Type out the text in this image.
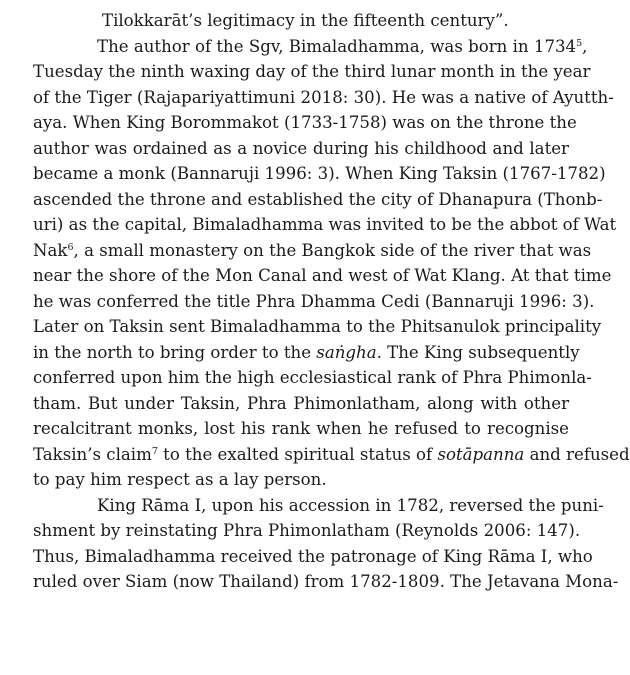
Tilokkarāt’s legitimacy in the fifteenth century”.
The author of the Sgv, Bimaladhamma, was born in 1734$^5$,
Tuesday the ninth waxing day of the third lunar month in the year
of the Tiger (Rajapariyattimuni 2018: 30). He was a native of Ayutth-
aya. When King Borommakot (1733-1758) was on the throne the
author was ordained as a novice during his childhood and later
became a monk (Bannaruji 1996: 3). When King Taksin (1767-1782)
ascended the throne and established the city of Dhanapura (Thonb-
uri) as the capital, Bimaladhamma was invited to be the abbot of Wat
Nak$^6$, a small monastery on the Bangkok side of the river that was
near the shore of the Mon Canal and west of Wat Klang. At that time
he was conferred the title Phra Dhamma Cedi (Bannaruji 1996: 3).
Later on Taksin sent Bimaladhamma to the Phitsanulok principality
in the north to bring order to the saṅgha. The King subsequently
conferred upon him the high ecclesiastical rank of Phra Phimonla-
tham. But under Taksin, Phra Phimonlatham, along with other
recalcitrant monks, lost his rank when he refused to recognise
Taksin’s claim$^7$ to the exalted spiritual status of sotāpanna and refused
to pay him respect as a lay person.
King Rāma I, upon his accession in 1782, reversed the puni-
shment by reinstating Phra Phimonlatham (Reynolds 2006: 147).
Thus, Bimaladhamma received the patronage of King Rāma I, who
ruled over Siam (now Thailand) from 1782-1809. The Jetavana Mona-
